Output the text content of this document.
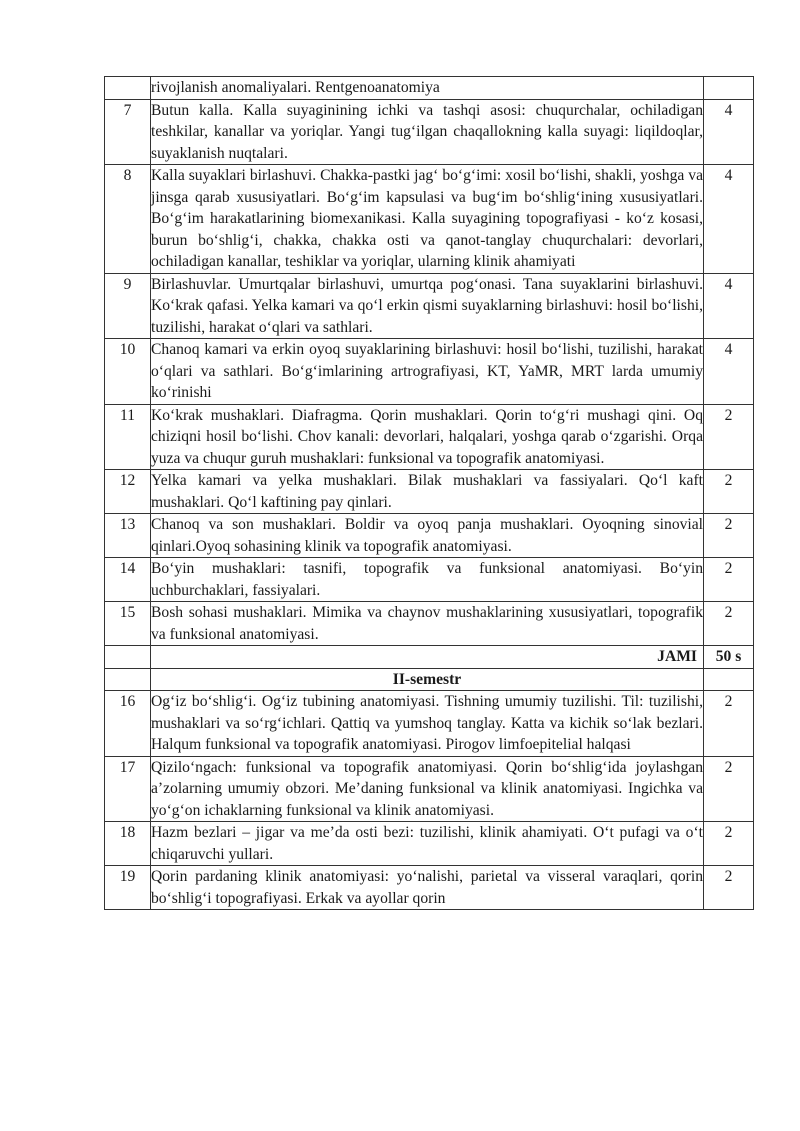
	rivojlanish anomaliyalari. Rentgenoanatomiya	
7	Butun kalla. Kalla suyaginining ichki va tashqi asosi: chuqurchalar, ochiladigan teshkilar, kanallar va yoriqlar. Yangi tug‘ilgan chaqallokning kalla suyagi: liqildoqlar, suyaklanish nuqtalari.	4
8	Kalla suyaklari birlashuvi. Chakka-pastki jag‘ bo‘g‘imi: xosil bo‘lishi, shakli, yoshga va jinsga qarab xususiyatlari. Bo‘g‘im kapsulasi va bug‘im bo‘shlig‘ining xususiyatlari. Bo‘g‘im harakatlarining biomexanikasi. Kalla suyagining topografiyasi - ko‘z kosasi, burun bo‘shlig‘i, chakka, chakka osti va qanot-tanglay chuqurchalari: devorlari, ochiladigan kanallar, teshiklar va yoriqlar, ularning klinik ahamiyati	4
9	Birlashuvlar. Umurtqalar birlashuvi, umurtqa pog‘onasi. Tana suyaklarini birlashuvi. Ko‘krak qafasi. Yelka kamari va qo‘l erkin qismi suyaklarning birlashuvi: hosil bo‘lishi, tuzilishi, harakat o‘qlari va sathlari.	4
10	Chanoq kamari va erkin oyoq suyaklarining birlashuvi: hosil bo‘lishi, tuzilishi, harakat o‘qlari va sathlari. Bo‘g‘imlarining artrografiyasi, KT, YaMR, MRT larda umumiy ko‘rinishi	4
11	Ko‘krak mushaklari. Diafragma. Qorin mushaklari. Qorin to‘g‘ri mushagi qini. Oq chiziqni hosil bo‘lishi. Chov kanali: devorlari, halqalari, yoshga qarab o‘zgarishi. Orqa yuza va chuqur guruh mushaklari: funksional va topografik anatomiyasi.	2
12	Yelka kamari va yelka mushaklari. Bilak mushaklari va fassiyalari. Qo‘l kaft mushaklari. Qo‘l kaftining pay qinlari.	2
13	Chanoq va son mushaklari. Boldir va oyoq panja mushaklari. Oyoqning sinovial qinlari.Oyoq sohasining klinik va topografik anatomiyasi.	2
14	Bo‘yin mushaklari: tasnifi, topografik va funksional anatomiyasi. Bo‘yin uchburchaklari, fassiyalari.	2
15	Bosh sohasi mushaklari. Mimika va chaynov mushaklarining xususiyatlari, topografik va funksional anatomiyasi.	2
	JAMI	50 s
	II-semestr	
16	Og‘iz bo‘shlig‘i. Og‘iz tubining anatomiyasi. Tishning umumiy tuzilishi. Til: tuzilishi, mushaklari va so‘rg‘ichlari. Qattiq va yumshoq tanglay. Katta va kichik so‘lak bezlari. Halqum funksional va topografik anatomiyasi. Pirogov limfoepitelial halqasi	2
17	Qizilo‘ngach: funksional va topografik anatomiyasi. Qorin bo‘shlig‘ida joylashgan a’zolarning umumiy obzori. Me’daning funksional va klinik anatomiyasi. Ingichka va yo‘g‘on ichaklarning funksional va klinik anatomiyasi.	2
18	Hazm bezlari – jigar va me’da osti bezi: tuzilishi, klinik ahamiyati. O‘t pufagi va o‘t chiqaruvchi yullari.	2
19	Qorin pardaning klinik anatomiyasi: yo‘nalishi, parietal va visseral varaqlari, qorin bo‘shlig‘i topografiyasi. Erkak va ayollar qorin	2
